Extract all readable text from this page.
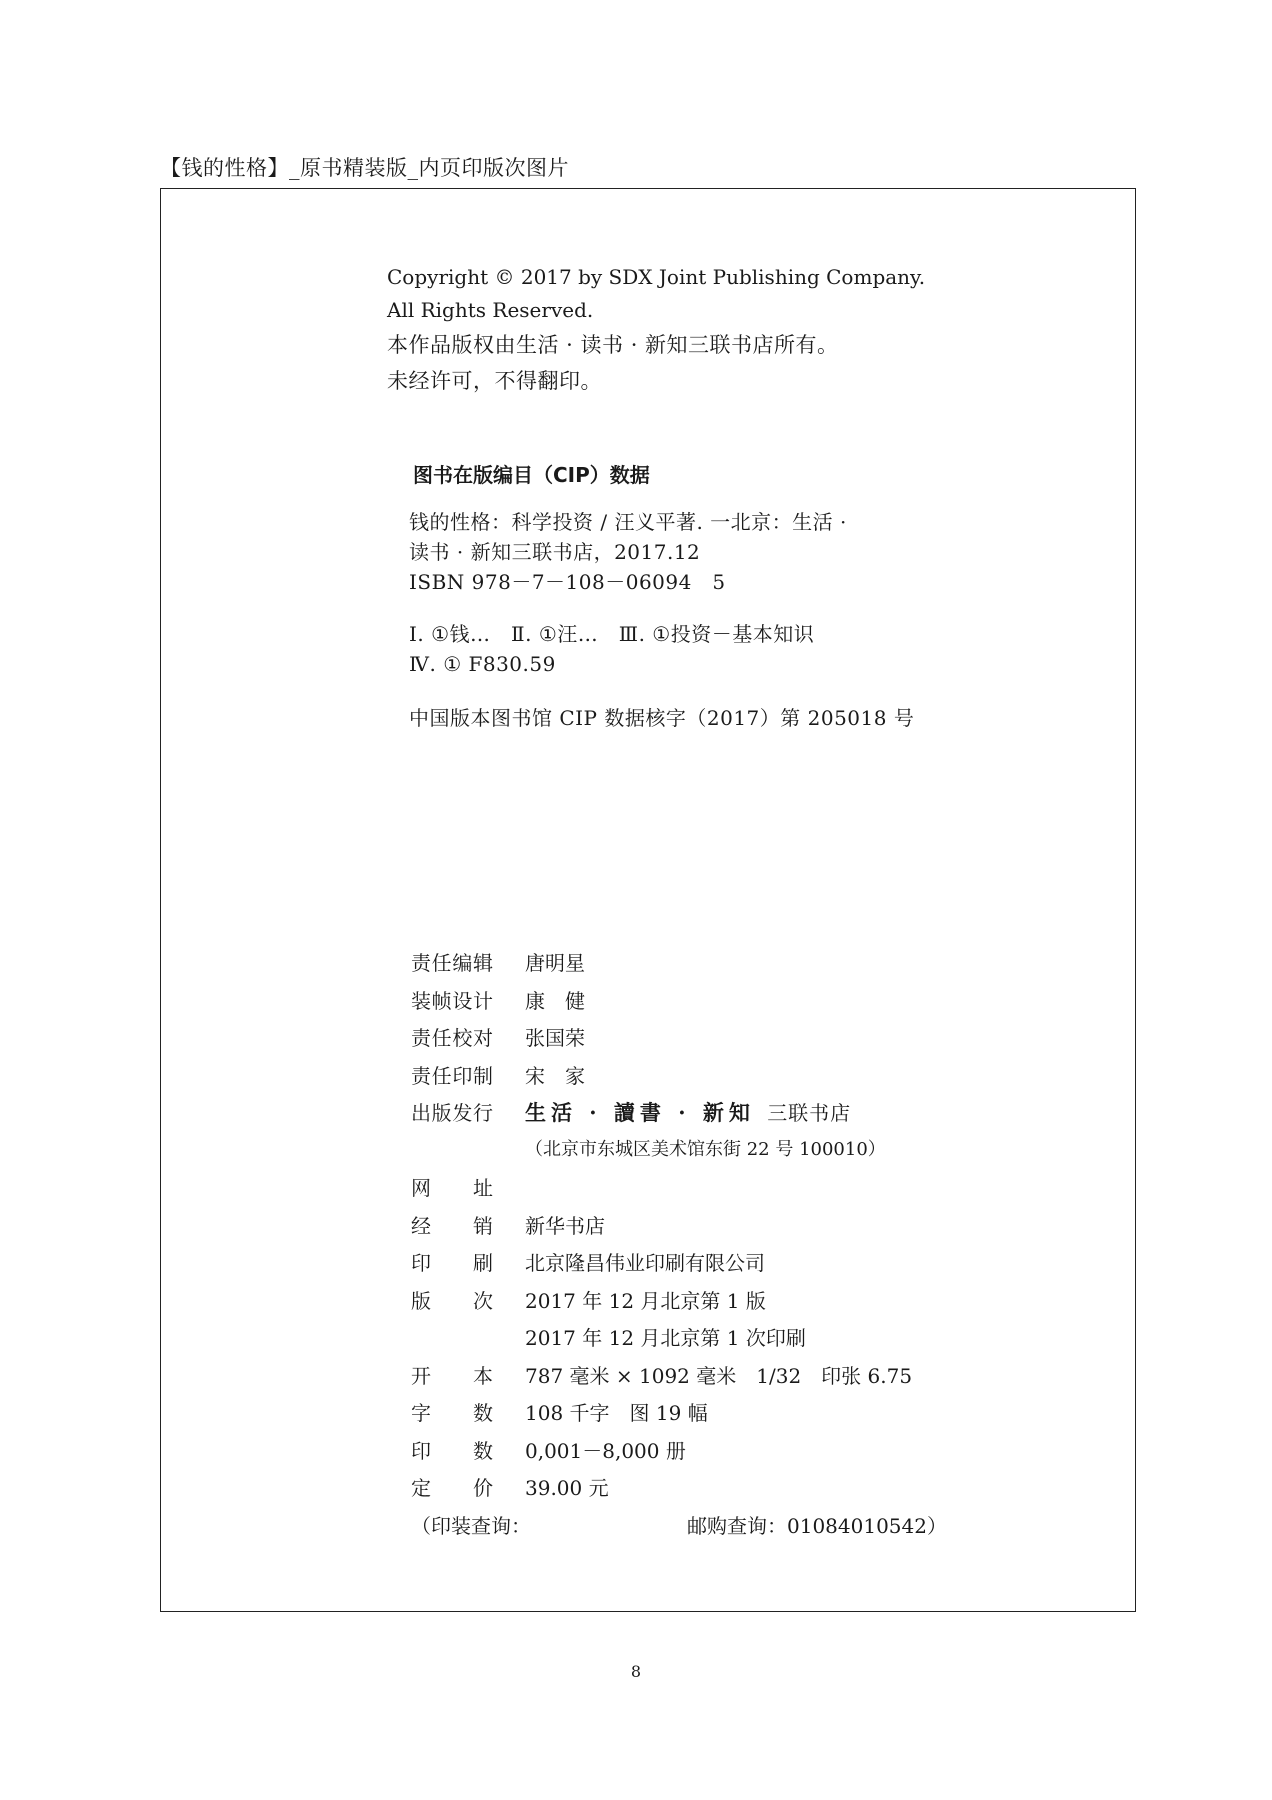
【钱的性格】_原书精装版_内页印版次图片
Copyright © 2017 by SDX Joint Publishing Company.
All Rights Reserved.
本作品版权由生活 · 读书 · 新知三联书店所有。
未经许可，不得翻印。
图书在版编目（CIP）数据
钱的性格：科学投资 / 汪义平著. 一北京：生活 ·
读书 · 新知三联书店，2017.12
ISBN 978－7－108－06094　5
Ⅰ. ①钱…　Ⅱ. ①汪…　Ⅲ. ①投资－基本知识
Ⅳ. ① F830.59
中国版本图书馆 CIP 数据核字（2017）第 205018 号
责任编辑 唐明星
装帧设计 康　健
责任校对 张国荣
责任印制 宋　家
出版发行 生活 · 讀書 · 新知 三联书店
（北京市东城区美术馆东街 22 号 100010）
网　　址
经　　销 新华书店
印　　刷 北京隆昌伟业印刷有限公司
版　　次 2017 年 12 月北京第 1 版
2017 年 12 月北京第 1 次印刷
开　　本 787 毫米 × 1092 毫米　1/32　印张 6.75
字　　数 108 千字　图 19 幅
印　　数 0,001－8,000 册
定　　价 39.00 元
（印装查询：	邮购查询：01084010542）
8
